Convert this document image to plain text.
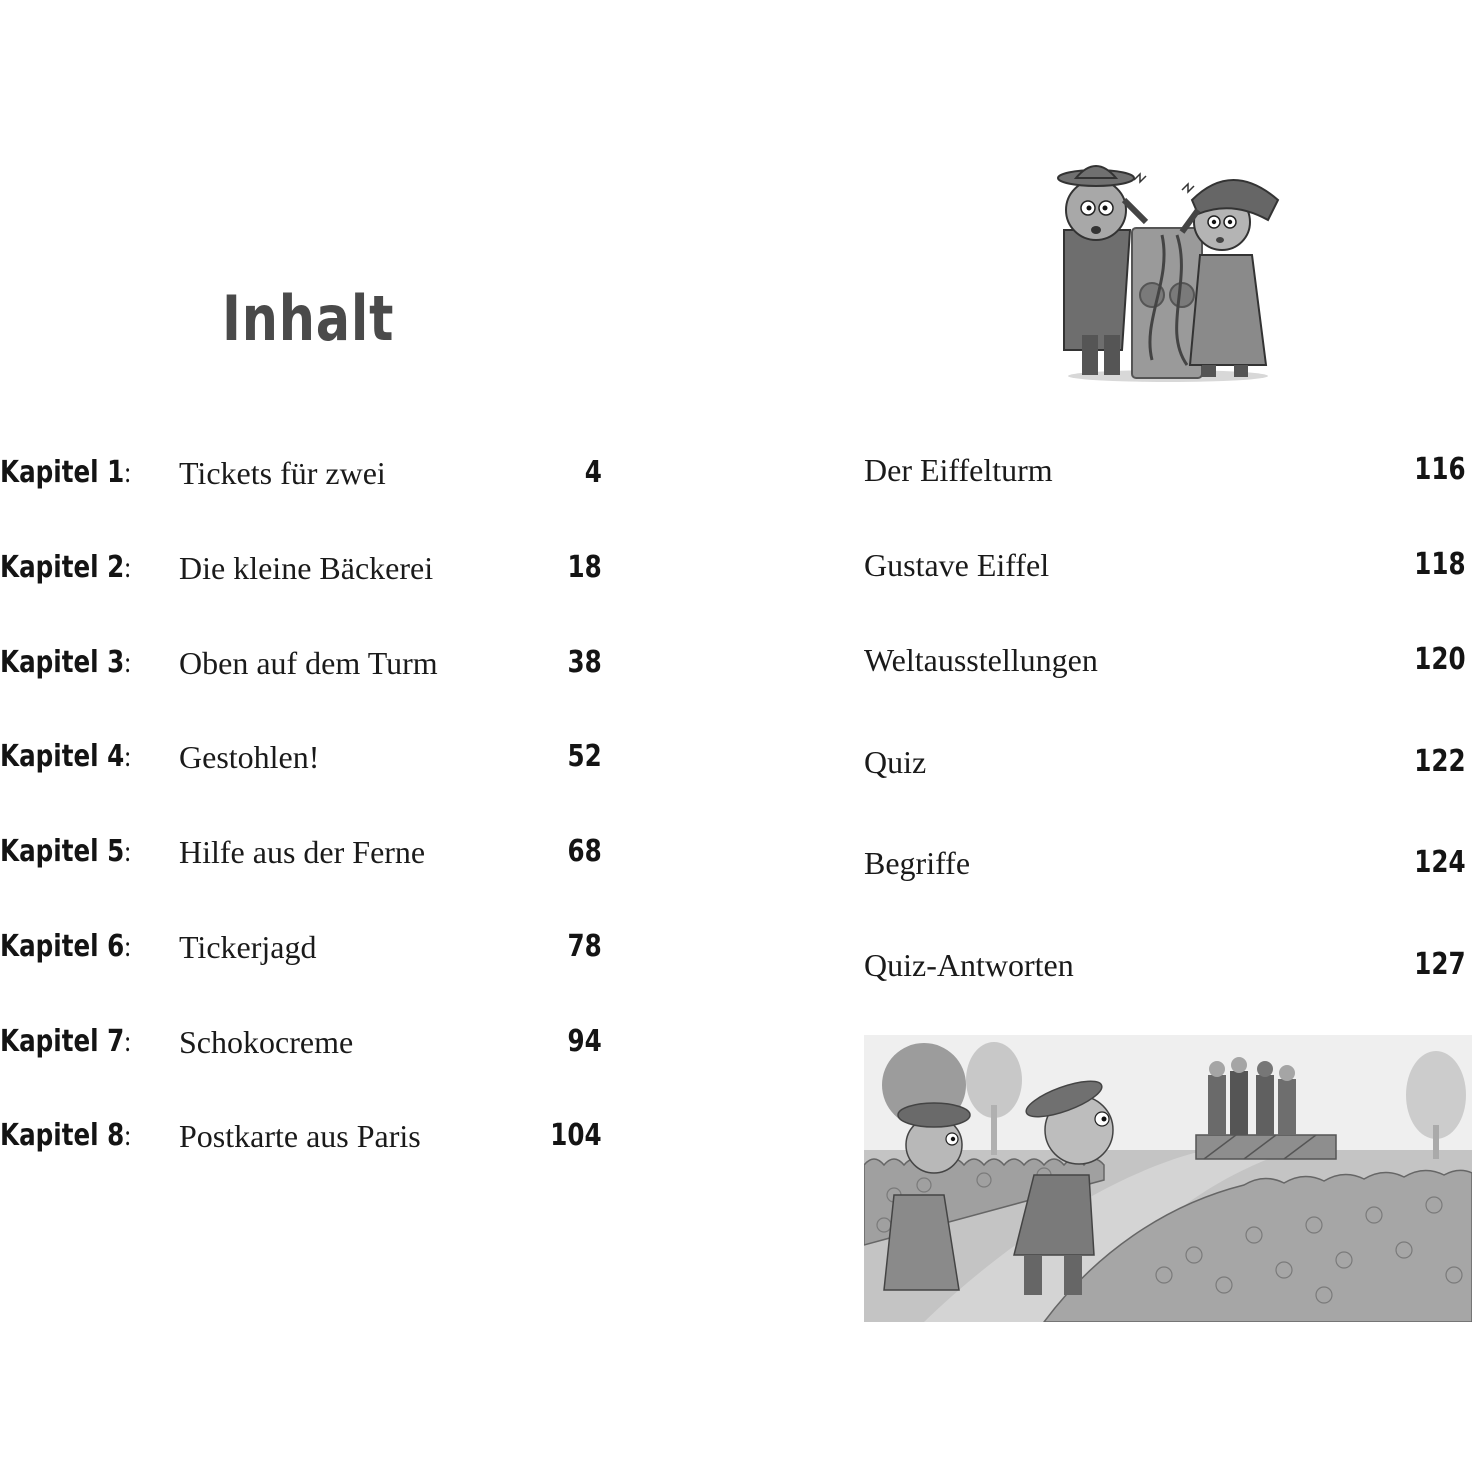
Inhalt
Kapitel 1: Tickets für zwei	4
Kapitel 2: Die kleine Bäckerei	18
Kapitel 3: Oben auf dem Turm	38
Kapitel 4: Gestohlen!	52
Kapitel 5: Hilfe aus der Ferne	68
Kapitel 6: Tickerjagd	78
Kapitel 7: Schokocreme	94
Kapitel 8: Postkarte aus Paris	104
Der Eiffelturm	116
Gustave Eiffel	118
Weltausstellungen	120
Quiz	122
Begriffe	124
Quiz-Antworten	127
